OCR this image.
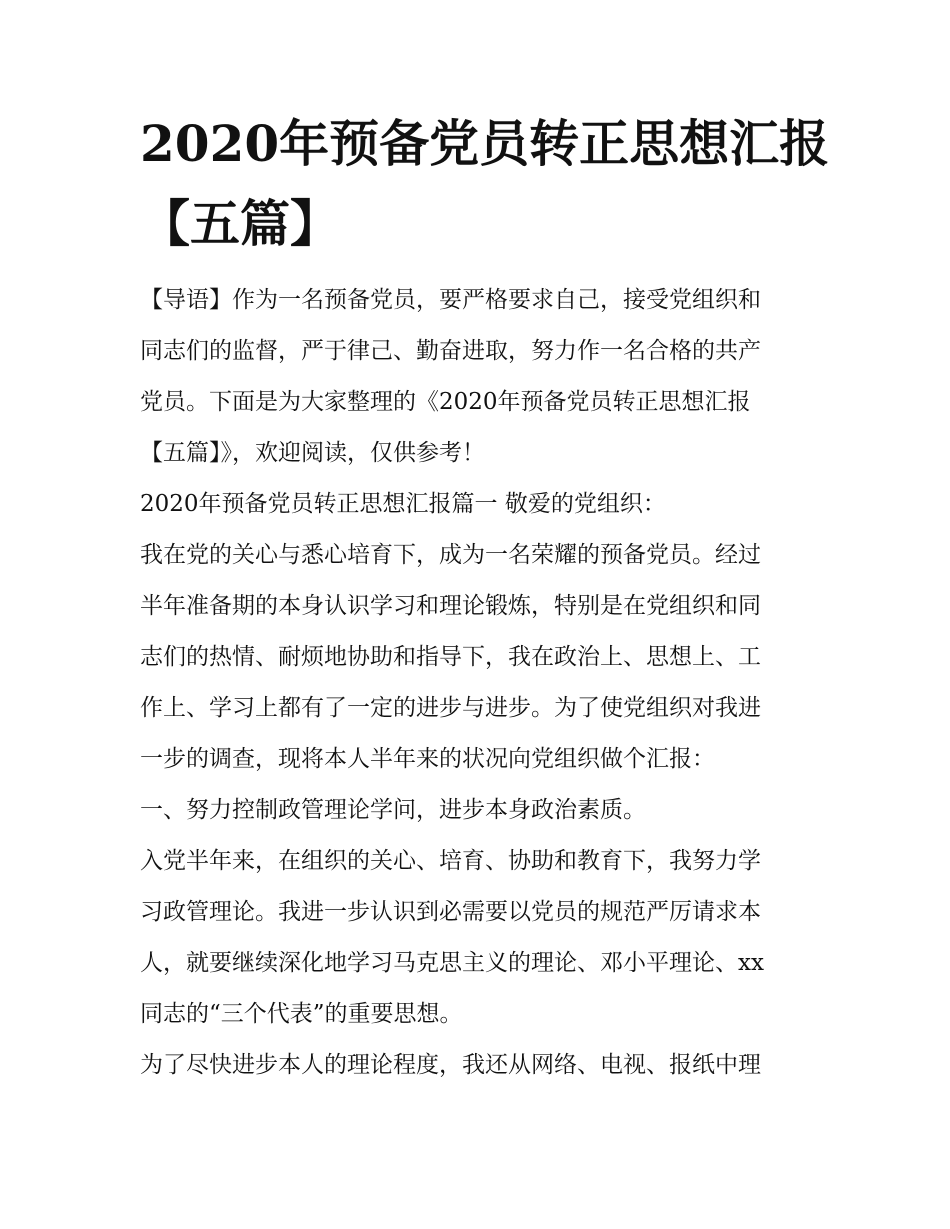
2020年预备党员转正思想汇报
【五篇】

【导语】作为一名预备党员，要严格要求自己，接受党组织和

同志们的监督，严于律己、勤奋进取，努力作一名合格的共产

党员。下面是为大家整理的《2020年预备党员转正思想汇报

【五篇】》，欢迎阅读，仅供参考！

2020年预备党员转正思想汇报篇一 敬爱的党组织：

我在党的关心与悉心培育下，成为一名荣耀的预备党员。经过

半年准备期的本身认识学习和理论锻炼，特别是在党组织和同

志们的热情、耐烦地协助和指导下，我在政治上、思想上、工

作上、学习上都有了一定的进步与进步。为了使党组织对我进

一步的调查，现将本人半年来的状况向党组织做个汇报：

一、努力控制政管理论学问，进步本身政治素质。

入党半年来，在组织的关心、培育、协助和教育下，我努力学

习政管理论。我进一步认识到必需要以党员的规范严厉请求本

人，就要继续深化地学习马克思主义的理论、邓小平理论、xx

同志的“三个代表”的重要思想。

为了尽快进步本人的理论程度，我还从网络、电视、报纸中理
